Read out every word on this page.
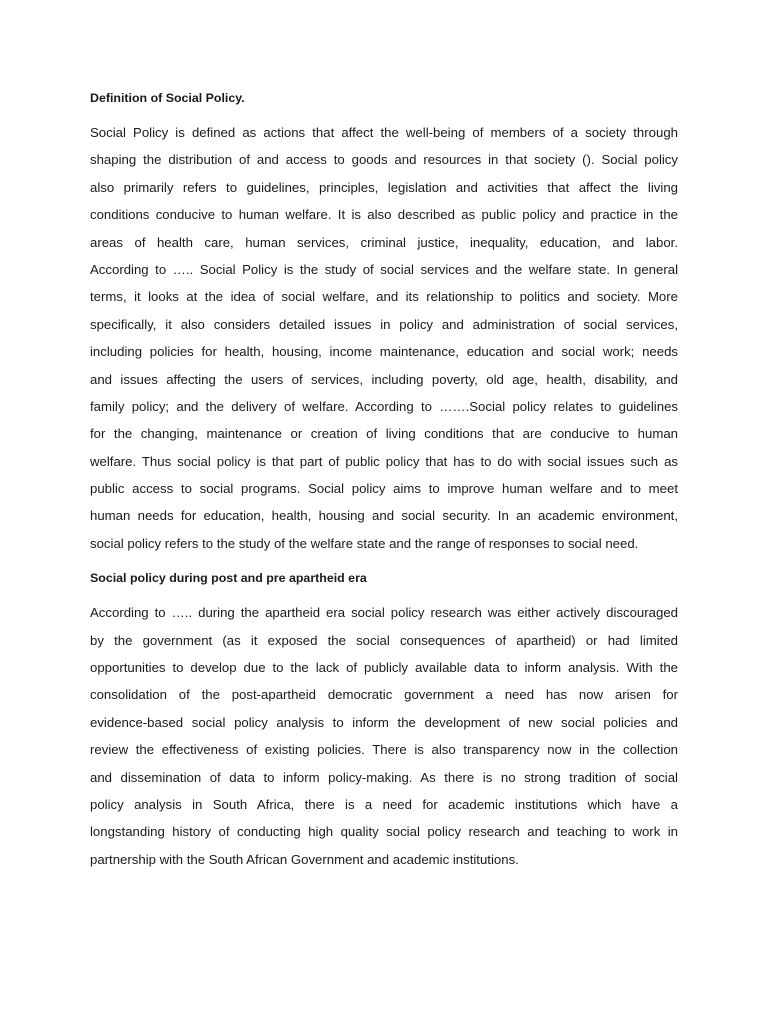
Definition of Social Policy.
Social Policy is defined as actions that affect the well-being of members of a society through
shaping the distribution of and access to goods and resources in that society (). Social policy
also primarily refers to guidelines, principles, legislation and activities that affect the living
conditions conducive to human welfare. It is also described as public policy and practice in the
areas of health care, human services, criminal justice, inequality, education, and labor.
According to ….. Social Policy is the study of social services and the welfare state. In general
terms, it looks at the idea of social welfare, and its relationship to politics and society. More
specifically, it also considers detailed issues in policy and administration of social services,
including policies for health, housing, income maintenance, education and social work; needs
and issues affecting the users of services, including poverty, old age, health, disability, and
family policy; and the delivery of welfare. According to …….Social policy relates to guidelines
for the changing, maintenance or creation of living conditions that are conducive to human
welfare. Thus social policy is that part of public policy that has to do with social issues such as
public access to social programs. Social policy aims to improve human welfare and to meet
human needs for education, health, housing and social security. In an academic environment,
social policy refers to the study of the welfare state and the range of responses to social need.
Social policy during post and pre apartheid era
According to ….. during the apartheid era social policy research was either actively discouraged
by the government (as it exposed the social consequences of apartheid) or had limited
opportunities to develop due to the lack of publicly available data to inform analysis. With the
consolidation of the post-apartheid democratic government a need has now arisen for
evidence-based social policy analysis to inform the development of new social policies and
review the effectiveness of existing policies. There is also transparency now in the collection
and dissemination of data to inform policy-making. As there is no strong tradition of social
policy analysis in South Africa, there is a need for academic institutions which have a
longstanding history of conducting high quality social policy research and teaching to work in
partnership with the South African Government and academic institutions.
